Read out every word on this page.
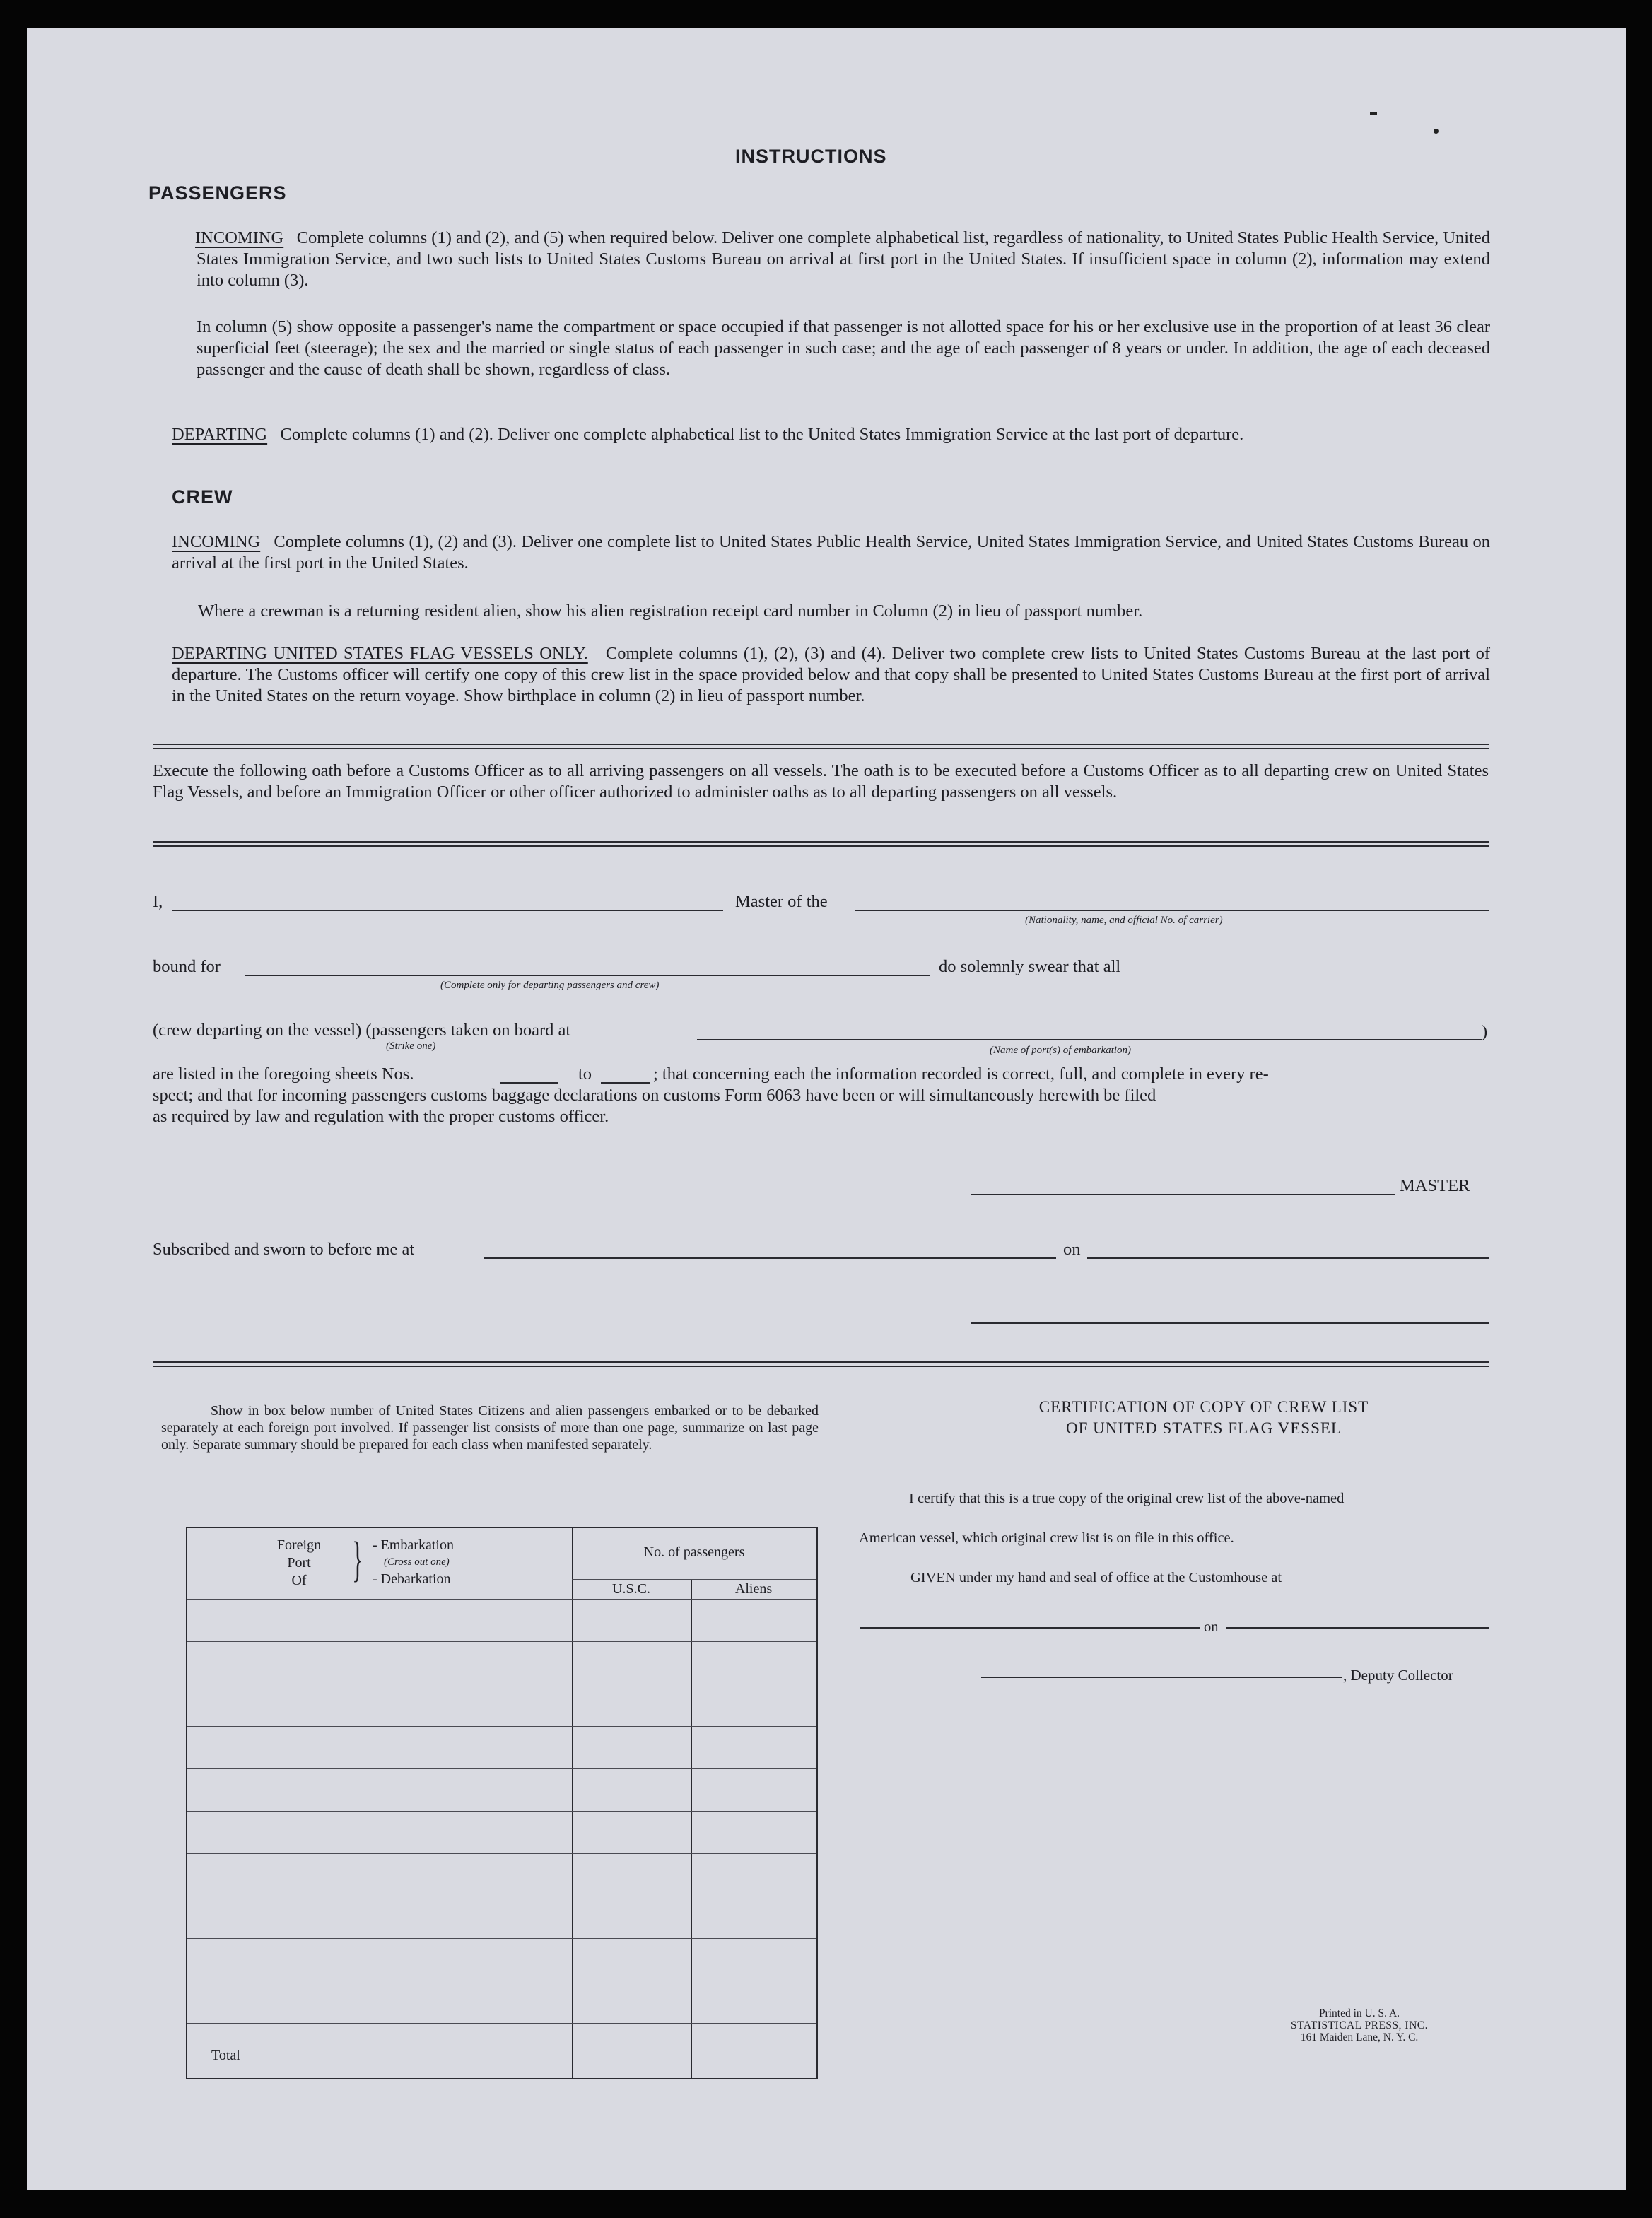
INSTRUCTIONS
PASSENGERS
INCOMING Complete columns (1) and (2), and (5) when required below. Deliver one complete alphabetical list, regardless of nationality, to United States Public Health Service, United States Immigration Service, and two such lists to United States Customs Bureau on arrival at first port in the United States. If insufficient space in column (2), information may extend into column (3).
In column (5) show opposite a passenger's name the compartment or space occupied if that passenger is not allotted space for his or her exclusive use in the proportion of at least 36 clear superficial feet (steerage); the sex and the married or single status of each passenger in such case; and the age of each passenger of 8 years or under. In addition, the age of each deceased passenger and the cause of death shall be shown, regardless of class.
DEPARTING Complete columns (1) and (2). Deliver one complete alphabetical list to the United States Immigration Service at the last port of departure.
CREW
INCOMING Complete columns (1), (2) and (3). Deliver one complete list to United States Public Health Service, United States Immigration Service, and United States Customs Bureau on arrival at the first port in the United States.
Where a crewman is a returning resident alien, show his alien registration receipt card number in Column (2) in lieu of passport number.
DEPARTING UNITED STATES FLAG VESSELS ONLY. Complete columns (1), (2), (3) and (4). Deliver two complete crew lists to United States Customs Bureau at the last port of departure. The Customs officer will certify one copy of this crew list in the space provided below and that copy shall be presented to United States Customs Bureau at the first port of arrival in the United States on the return voyage. Show birthplace in column (2) in lieu of passport number.
Execute the following oath before a Customs Officer as to all arriving passengers on all vessels. The oath is to be executed before a Customs Officer as to all departing crew on United States Flag Vessels, and before an Immigration Officer or other officer authorized to administer oaths as to all departing passengers on all vessels.
I,	Master of the
(Nationality, name, and official No. of carrier)
bound for
(Complete only for departing passengers and crew)
do solemnly swear that all
(crew departing on the vessel) (passengers taken on board at
(Strike one)
)
(Name of port(s) of embarkation)
are listed in the foregoing sheets Nos.	to	; that concerning each the information recorded is correct, full, and complete in every re-
spect; and that for incoming passengers customs baggage declarations on customs Form 6063 have been or will simultaneously herewith be filed
as required by law and regulation with the proper customs officer.
MASTER
Subscribed and sworn to before me at	on
Show in box below number of United States Citizens and alien passengers embarked or to be debarked separately at each foreign port involved. If passenger list consists of more than one page, summarize on last page only. Separate summary should be prepared for each class when manifested separately.
Foreign
Port
Of } - Embarkation
(Cross out one)
- Debarkation
No. of passengers
U.S.C.	Aliens
Total
CERTIFICATION OF COPY OF CREW LIST
OF UNITED STATES FLAG VESSEL
I certify that this is a true copy of the original crew list of the above-named
American vessel, which original crew list is on file in this office.
GIVEN under my hand and seal of office at the Customhouse at
on
, Deputy Collector
Printed in U. S. A.
STATISTICAL PRESS, INC.
161 Maiden Lane, N. Y. C.
